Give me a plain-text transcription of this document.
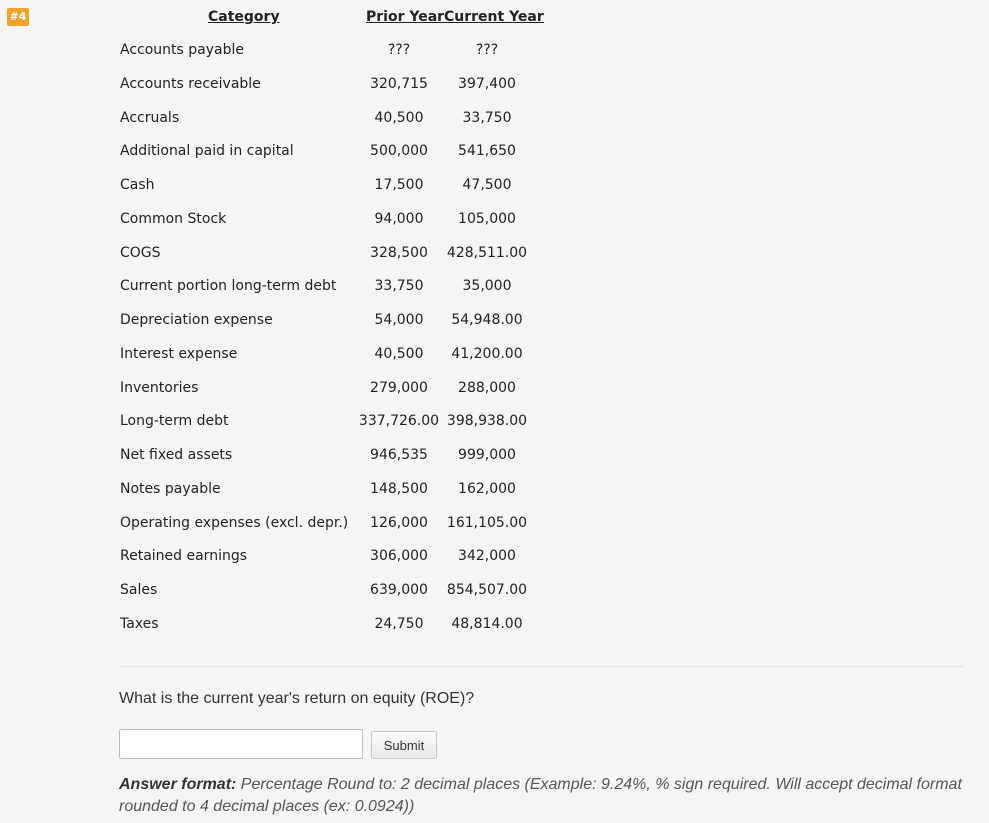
#4	Category	Prior Year Current Year
Accounts payable	???	???
Accounts receivable	320,715	397,400
Accruals	40,500	33,750
Additional paid in capital	500,000	541,650
Cash	17,500	47,500
Common Stock	94,000	105,000
COGS	328,500	428,511.00
Current portion long-term debt	33,750	35,000
Depreciation expense	54,000	54,948.00
Interest expense	40,500	41,200.00
Inventories	279,000	288,000
Long-term debt	337,726.00 398,938.00
Net fixed assets	946,535	999,000
Notes payable	148,500	162,000
Operating expenses (excl. depr.)	126,000	161,105.00
Retained earnings	306,000	342,000
Sales	639,000	854,507.00
Taxes	24,750	48,814.00
What is the current year's return on equity (ROE)?
Submit
Answer format: Percentage Round to: 2 decimal places (Example: 9.24%, % sign required. Will accept decimal format rounded to 4 decimal places (ex: 0.0924))
